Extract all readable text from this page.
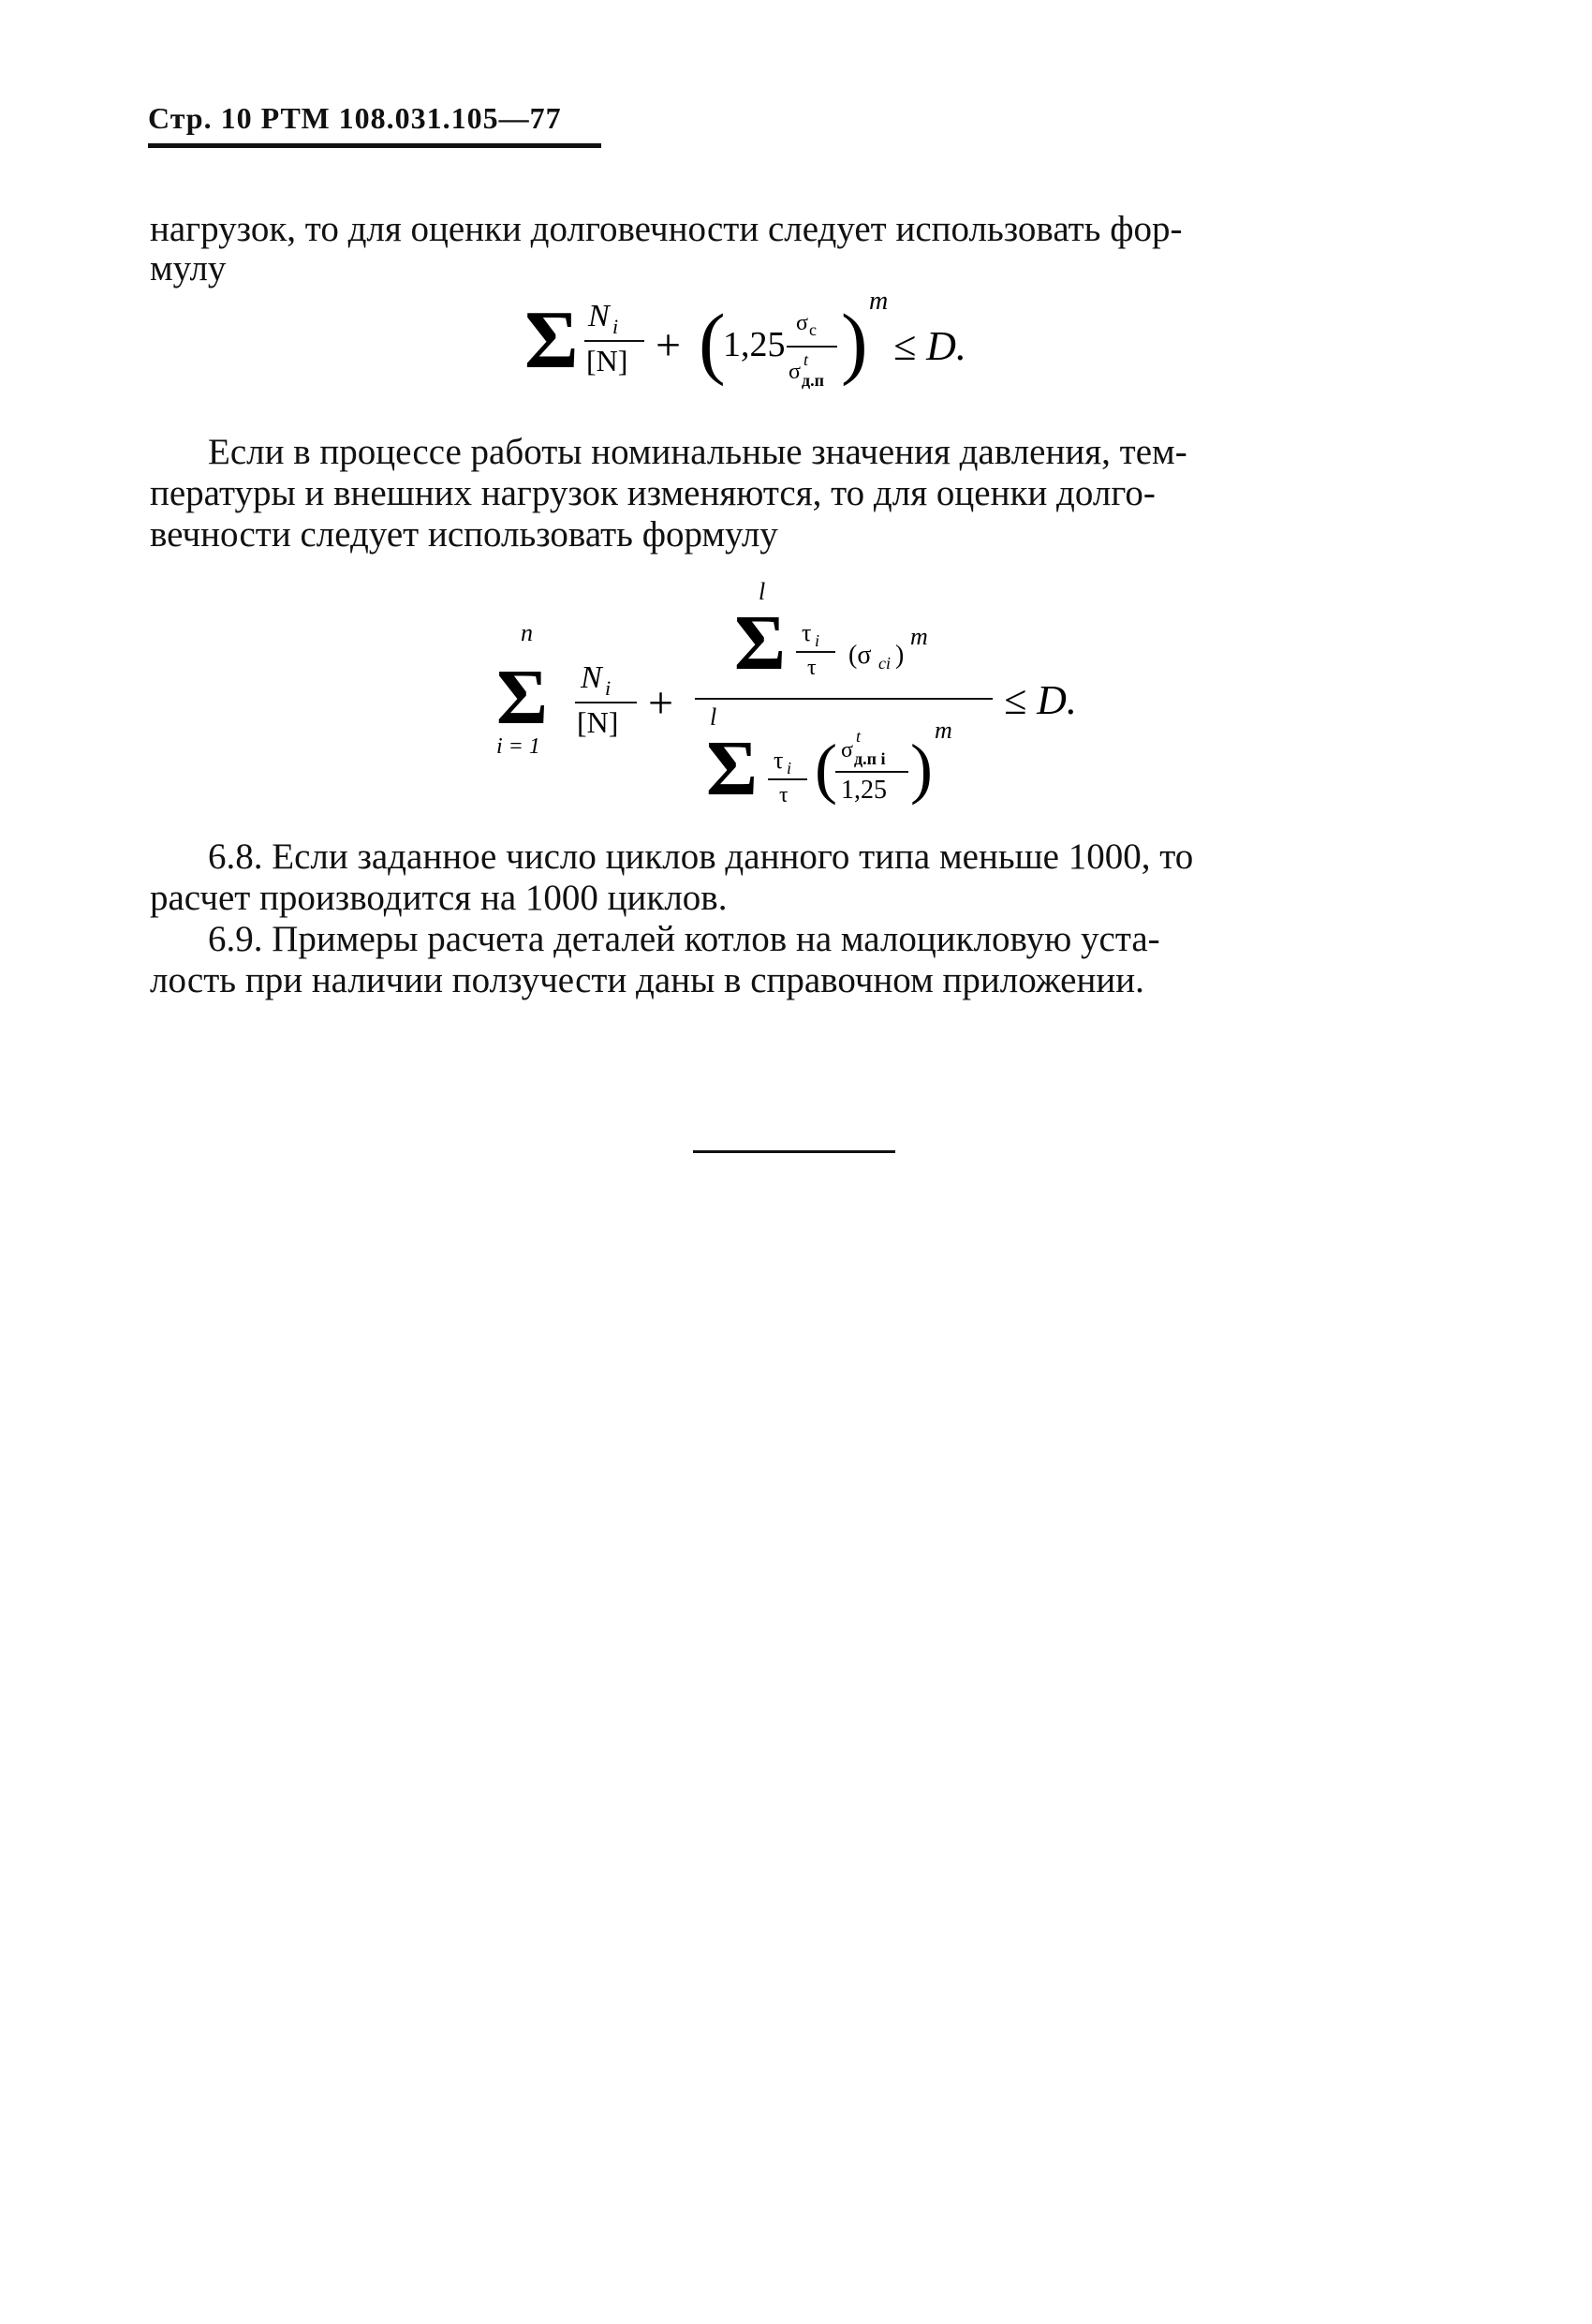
Стр. 10 РТМ 108.031.105—77
нагрузок, то для оценки долговечности следует использовать фор-
мулу
Σ N i
[N] + (
1,25
σ c
σ t
д.п ) m
≤ D.
Если в процессе работы номинальные значения давления, тем-
пературы и внешних нагрузок изменяются, то для оценки долго-
вечности следует использовать формулу
n
Σ
i = 1
N i
[N] +
l
Σ τ i
τ (σ ci )
m
l
Σ τ i
τ ( σ
t
д.п i
1,25 )
m
≤ D.
6.8. Если заданное число циклов данного типа меньше 1000, то
расчет производится на 1000 циклов.
6.9. Примеры расчета деталей котлов на малоцикловую уста-
лость при наличии ползучести даны в справочном приложении.
